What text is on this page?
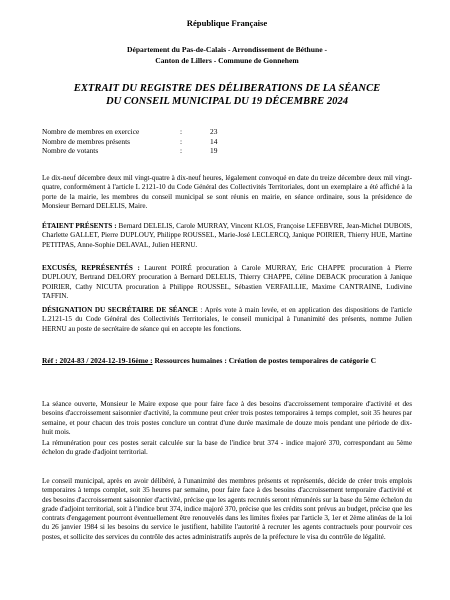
République Française

Département du Pas-de-Calais - Arrondissement de Béthune -
Canton de Lillers - Commune de Gonnehem
EXTRAIT DU REGISTRE DES DÉLIBERATIONS DE LA SÉANCE
DU CONSEIL MUNICIPAL DU 19 DÉCEMBRE 2024
Nombre de membres en exercice	:	23
Nombre de membres présents	:	14
Nombre de votants	:	19

Le dix-neuf décembre deux mil vingt-quatre à dix-neuf heures, légalement convoqué en date du treize décembre deux mil vingt-quatre, conformément à l'article L 2121-10 du Code Général des Collectivités Territoriales, dont un exemplaire a été affiché à la porte de la mairie, les membres du conseil municipal se sont réunis en mairie, en séance ordinaire, sous la présidence de Monsieur Bernard DELELIS, Maire.

ÉTAIENT PRÉSENTS : Bernard DELELIS, Carole MURRAY, Vincent KLOS, Françoise LEFEBVRE, Jean-Michel DUBOIS, Charlette GALLET, Pierre DUPLOUY, Philippe ROUSSEL, Marie-José LECLERCQ, Janique POIRIER, Thierry HUE, Martine PETITPAS, Anne-Sophie DELAVAL, Julien HERNU.

EXCUSÉS, REPRÉSENTÉS : Laurent POIRÉ procuration à Carole MURRAY, Eric CHAPPE procuration à Pierre DUPLOUY, Bertrand DELORY procuration à Bernard DELELIS, Thierry CHAPPE, Céline DEBACK procuration à Janique POIRIER, Cathy NICUTA procuration à Philippe ROUSSEL, Sébastien VERFAILLIE, Maxime CANTRAINE, Ludivine TAFFIN.

DÉSIGNATION DU SECRÉTAIRE DE SÉANCE : Après vote à main levée, et en application des dispositions de l'article L.2121-15 du Code Général des Collectivités Territoriales, le conseil municipal à l'unanimité des présents, nomme Julien HERNU au poste de secrétaire de séance qui en accepte les fonctions.

Réf : 2024-83 / 2024-12-19-16ème : Ressources humaines : Création de postes temporaires de catégorie C

La séance ouverte, Monsieur le Maire expose que pour faire face à des besoins d'accroissement temporaire d'activité et des besoins d'accroissement saisonnier d'activité, la commune peut créer trois postes temporaires à temps complet, soit 35 heures par semaine, et pour chacun des trois postes conclure un contrat d'une durée maximale de douze mois pendant une période de dix-huit mois.

La rémunération pour ces postes serait calculée sur la base de l'indice brut 374 - indice majoré 370, correspondant au 5ème échelon du grade d'adjoint territorial.

Le conseil municipal, après en avoir délibéré, à l'unanimité des membres présents et représentés, décide de créer trois emplois temporaires à temps complet, soit 35 heures par semaine, pour faire face à des besoins d'accroissement temporaire d'activité et des besoins d'accroissement saisonnier d'activité, précise que les agents recrutés seront rémunérés sur la base du 5ème échelon du grade d'adjoint territorial, soit à l'indice brut 374, indice majoré 370, précise que les crédits sont prévus au budget, précise que les contrats d'engagement pourront éventuellement être renouvelés dans les limites fixées par l'article 3, 1er et 2ème alinéas de la loi du 26 janvier 1984 si les besoins du service le justifient, habilite l'autorité à recruter les agents contractuels pour pourvoir ces postes, et sollicite des services du contrôle des actes administratifs auprès de la préfecture le visa du contrôle de légalité.
